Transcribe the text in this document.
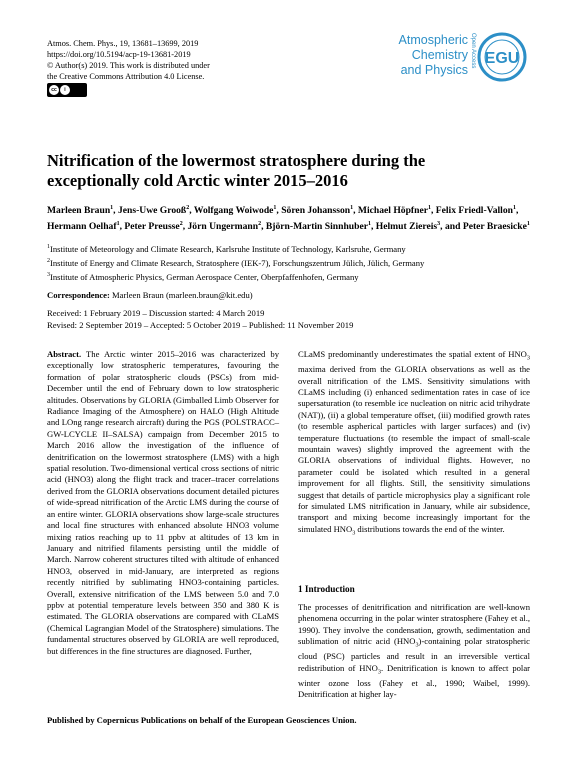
Atmos. Chem. Phys., 19, 13681–13699, 2019
https://doi.org/10.5194/acp-19-13681-2019
© Author(s) 2019. This work is distributed under
the Creative Commons Attribution 4.0 License.
cc	i
Atmospheric
Chemistry
and Physics
Open Access EGU
Nitrification of the lowermost stratosphere during the exceptionally cold Arctic winter 2015–2016
Marleen Braun$^1$, Jens-Uwe Grooß$^2$, Wolfgang Woiwode$^1$, Sören Johansson$^1$, Michael Höpfner$^1$, Felix Friedl-Vallon$^1$, Hermann Oelhaf$^1$, Peter Preusse$^2$, Jörn Ungermann$^2$, Björn-Martin Sinnhuber$^1$, Helmut Ziereis$^3$, and Peter Braesicke$^1$
$^1$Institute of Meteorology and Climate Research, Karlsruhe Institute of Technology, Karlsruhe, Germany
$^2$Institute of Energy and Climate Research, Stratosphere (IEK-7), Forschungszentrum Jülich, Jülich, Germany
$^3$Institute of Atmospheric Physics, German Aerospace Center, Oberpfaffenhofen, Germany
Correspondence: Marleen Braun (marleen.braun@kit.edu)
Received: 1 February 2019 – Discussion started: 4 March 2019
Revised: 2 September 2019 – Accepted: 5 October 2019 – Published: 11 November 2019
Abstract. The Arctic winter 2015–2016 was characterized by exceptionally low stratospheric temperatures, favouring the formation of polar stratospheric clouds (PSCs) from mid-December until the end of February down to low stratospheric altitudes. Observations by GLORIA (Gimballed Limb Observer for Radiance Imaging of the Atmosphere) on HALO (High Altitude and LOng range research aircraft) during the PGS (POLSTRACC–GW-LCYCLE II–SALSA) campaign from December 2015 to March 2016 allow the investigation of the influence of denitrification on the lowermost stratosphere (LMS) with a high spatial resolution. Two-dimensional vertical cross sections of nitric acid (HNO3) along the flight track and tracer–tracer correlations derived from the GLORIA observations document detailed pictures of wide-spread nitrification of the Arctic LMS during the course of an entire winter. GLORIA observations show large-scale structures and local fine structures with enhanced absolute HNO3 volume mixing ratios reaching up to 11 ppbv at altitudes of 13 km in January and nitrified filaments persisting until the middle of March. Narrow coherent structures tilted with altitude of enhanced HNO3, observed in mid-January, are interpreted as regions recently nitrified by sublimating HNO3-containing particles. Overall, extensive nitrification of the LMS between 5.0 and 7.0 ppbv at potential temperature levels between 350 and 380 K is estimated. The GLORIA observations are compared with CLaMS (Chemical Lagrangian Model of the Stratosphere) simulations. The fundamental structures observed by GLORIA are well reproduced, but differences in the fine structures are diagnosed. Further,
CLaMS predominantly underestimates the spatial extent of $HNO_3$ maxima derived from the GLORIA observations as well as the overall nitrification of the LMS. Sensitivity simulations with CLaMS including (i) enhanced sedimentation rates in case of ice supersaturation (to resemble ice nucleation on nitric acid trihydrate (NAT)), (ii) a global temperature offset, (iii) modified growth rates (to resemble aspherical particles with larger surfaces) and (iv) temperature fluctuations (to resemble the impact of small-scale mountain waves) slightly improved the agreement with the GLORIA observations of individual flights. However, no parameter could be isolated which resulted in a general improvement for all flights. Still, the sensitivity simulations suggest that details of particle microphysics play a significant role for simulated LMS nitrification in January, while air subsidence, transport and mixing become increasingly important for the simulated $HNO_3$ distributions towards the end of the winter.
1 Introduction
The processes of denitrification and nitrification are well-known phenomena occurring in the polar winter stratosphere (Fahey et al., 1990). They involve the condensation, growth, sedimentation and sublimation of nitric acid $(HNO_3)$-containing polar stratospheric cloud (PSC) particles and result in an irreversible vertical redistribution of $HNO_3$. Denitrification is known to affect polar winter ozone loss (Fahey et al., 1990; Waibel, 1999). Denitrification at higher lay-
Published by Copernicus Publications on behalf of the European Geosciences Union.
